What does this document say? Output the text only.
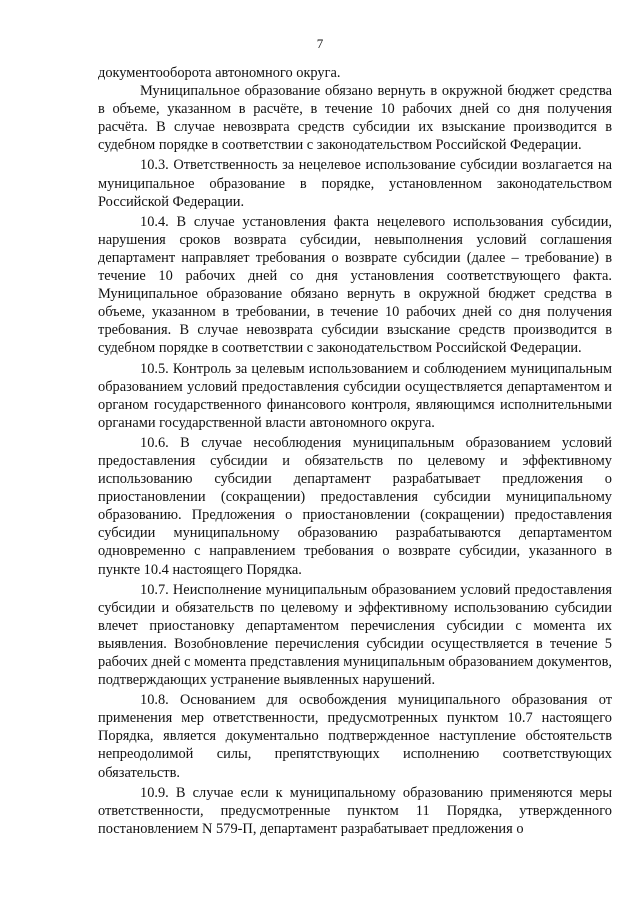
7

документооборота автономного округа.

Муниципальное образование обязано вернуть в окружной бюджет средства в объеме, указанном в расчёте, в течение 10 рабочих дней со дня получения расчёта. В случае невозврата средств субсидии их взыскание производится в судебном порядке в соответствии с законодательством Российской Федерации.

10.3. Ответственность за нецелевое использование субсидии возлагается на муниципальное образование в порядке, установленном законодательством Российской Федерации.

10.4. В случае установления факта нецелевого использования субсидии, нарушения сроков возврата субсидии, невыполнения условий соглашения департамент направляет требования о возврате субсидии (далее – требование) в течение 10 рабочих дней со дня установления соответствующего факта. Муниципальное образование обязано вернуть в окружной бюджет средства в объеме, указанном в требовании, в течение 10 рабочих дней со дня получения требования. В случае невозврата субсидии взыскание средств производится в судебном порядке в соответствии с законодательством Российской Федерации.

10.5. Контроль за целевым использованием и соблюдением муниципальным образованием условий предоставления субсидии осуществляется департаментом и органом государственного финансового контроля, являющимся исполнительными органами государственной власти автономного округа.

10.6. В случае несоблюдения муниципальным образованием условий предоставления субсидии и обязательств по целевому и эффективному использованию субсидии департамент разрабатывает предложения о приостановлении (сокращении) предоставления субсидии муниципальному образованию. Предложения о приостановлении (сокращении) предоставления субсидии муниципальному образованию разрабатываются департаментом одновременно с направлением требования о возврате субсидии, указанного в пункте 10.4 настоящего Порядка.

10.7. Неисполнение муниципальным образованием условий предоставления субсидии и обязательств по целевому и эффективному использованию субсидии влечет приостановку департаментом перечисления субсидии с момента их выявления. Возобновление перечисления субсидии осуществляется в течение 5 рабочих дней с момента представления муниципальным образованием документов, подтверждающих устранение выявленных нарушений.

10.8. Основанием для освобождения муниципального образования от применения мер ответственности, предусмотренных пунктом 10.7 настоящего Порядка, является документально подтвержденное наступление обстоятельств непреодолимой силы, препятствующих исполнению соответствующих обязательств.

10.9. В случае если к муниципальному образованию применяются меры ответственности, предусмотренные пунктом 11 Порядка, утвержденного постановлением N 579-П, департамент разрабатывает предложения о
